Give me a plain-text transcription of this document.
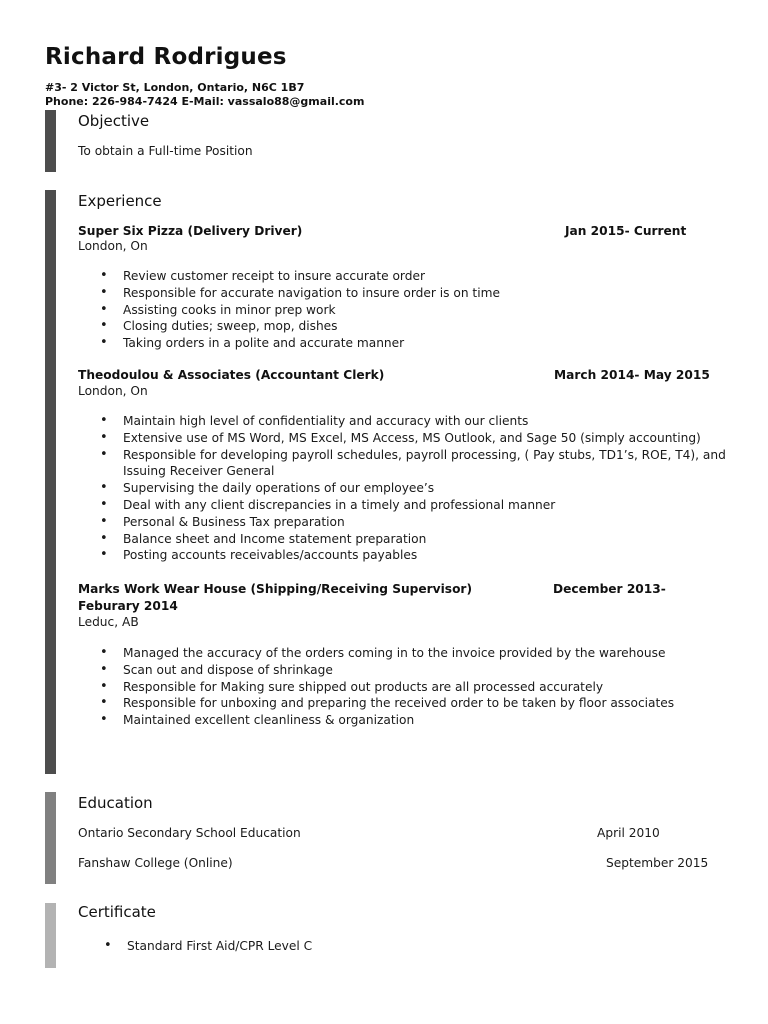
Richard Rodrigues
#3- 2 Victor St, London, Ontario, N6C 1B7
Phone: 226-984-7424 E-Mail: vassalo88@gmail.com
Objective
To obtain a Full-time Position
Experience
Super Six Pizza (Delivery Driver)	Jan 2015- Current
London, On
• Review customer receipt to insure accurate order
• Responsible for accurate navigation to insure order is on time
• Assisting cooks in minor prep work
• Closing duties; sweep, mop, dishes
• Taking orders in a polite and accurate manner
Theodoulou & Associates (Accountant Clerk)	March 2014- May 2015
London, On
• Maintain high level of confidentiality and accuracy with our clients
• Extensive use of MS Word, MS Excel, MS Access, MS Outlook, and Sage 50 (simply accounting)
• Responsible for developing payroll schedules, payroll processing, ( Pay stubs, TD1’s, ROE, T4), and Issuing Receiver General
• Supervising the daily operations of our employee’s
• Deal with any client discrepancies in a timely and professional manner
• Personal & Business Tax preparation
• Balance sheet and Income statement preparation
• Posting accounts receivables/accounts payables
Marks Work Wear House (Shipping/Receiving Supervisor)	December 2013-
Feburary 2014
Leduc, AB
• Managed the accuracy of the orders coming in to the invoice provided by the warehouse
• Scan out and dispose of shrinkage
• Responsible for Making sure shipped out products are all processed accurately
• Responsible for unboxing and preparing the received order to be taken by floor associates
• Maintained excellent cleanliness & organization
Education
Ontario Secondary School Education	April 2010
Fanshaw College (Online)	September 2015
Certificate
• Standard First Aid/CPR Level C
